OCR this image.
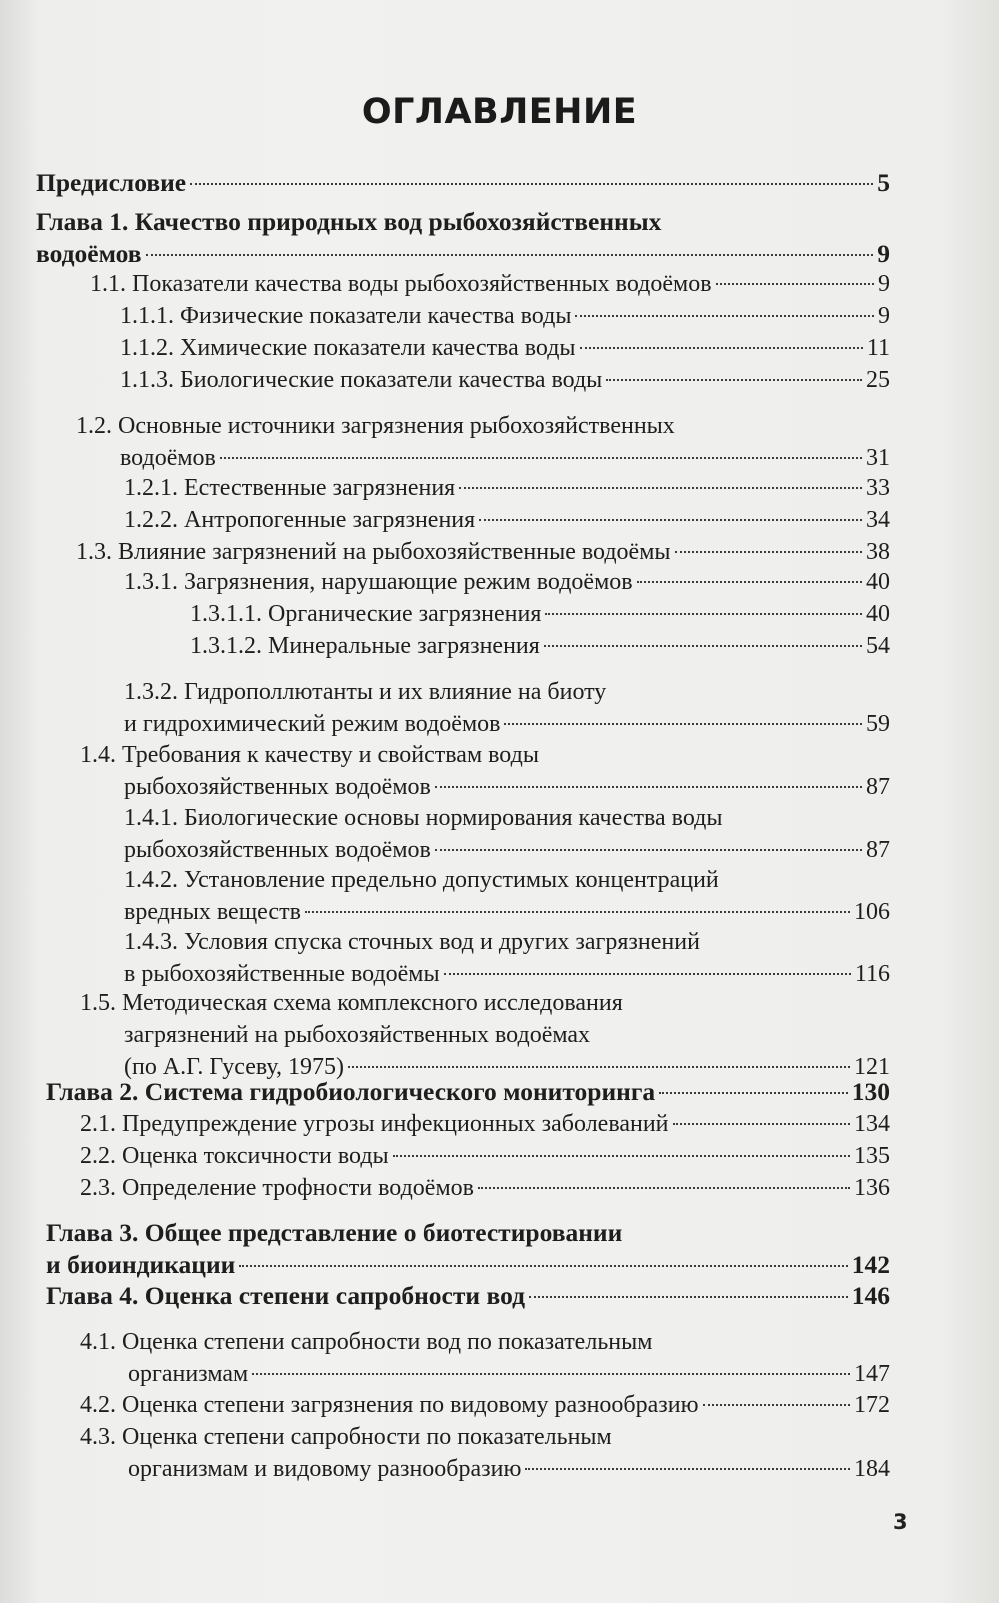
ОГЛАВЛЕНИЕ
Предисловие	5
Глава 1. Качество природных вод рыбохозяйственных
водоёмов	9
1.1. Показатели качества воды рыбохозяйственных водоёмов	9
1.1.1. Физические показатели качества воды	9
1.1.2. Химические показатели качества воды	11
1.1.3. Биологические показатели качества воды	25
1.2. Основные источники загрязнения рыбохозяйственных
водоёмов	31
1.2.1. Естественные загрязнения	33
1.2.2. Антропогенные загрязнения	34
1.3. Влияние загрязнений на рыбохозяйственные водоёмы	38
1.3.1. Загрязнения, нарушающие режим водоёмов	40
1.3.1.1. Органические загрязнения	40
1.3.1.2. Минеральные загрязнения	54
1.3.2. Гидрополлютанты и их влияние на биоту
и гидрохимический режим водоёмов	59
1.4. Требования к качеству и свойствам воды
рыбохозяйственных водоёмов	87
1.4.1. Биологические основы нормирования качества воды
рыбохозяйственных водоёмов	87
1.4.2. Установление предельно допустимых концентраций
вредных веществ	106
1.4.3. Условия спуска сточных вод и других загрязнений
в рыбохозяйственные водоёмы	116
1.5. Методическая схема комплексного исследования
загрязнений на рыбохозяйственных водоёмах
(по А.Г. Гусеву, 1975)	121
Глава 2. Система гидробиологического мониторинга	130
2.1. Предупреждение угрозы инфекционных заболеваний	134
2.2. Оценка токсичности воды	135
2.3. Определение трофности водоёмов	136
Глава 3. Общее представление о биотестировании
и биоиндикации	142
Глава 4. Оценка степени сапробности вод	146
4.1. Оценка степени сапробности вод по показательным
организмам	147
4.2. Оценка степени загрязнения по видовому разнообразию	172
4.3. Оценка степени сапробности по показательным
организмам и видовому разнообразию	184
3
